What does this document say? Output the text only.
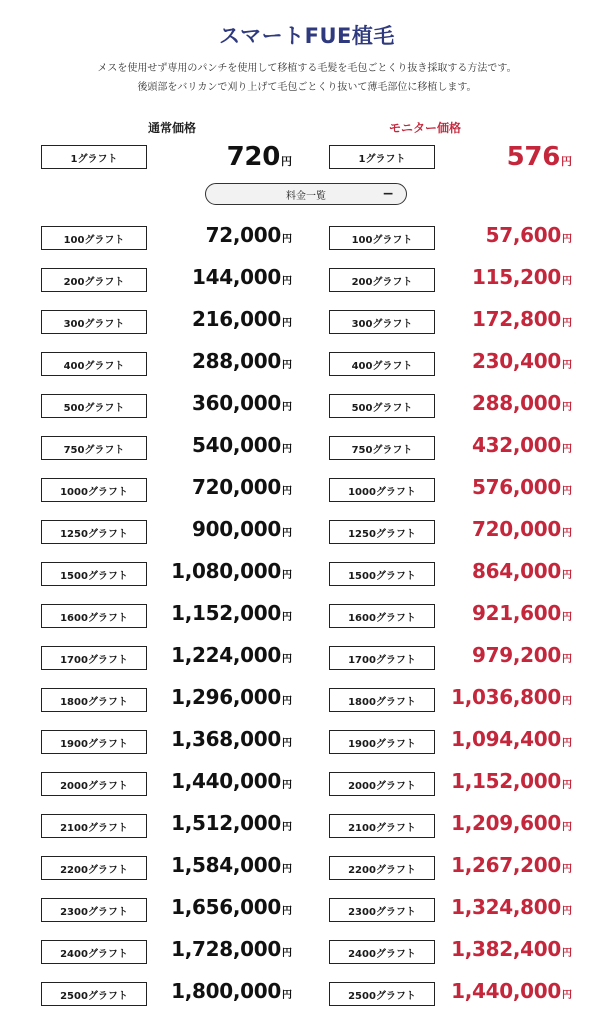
スマートFUE植毛
メスを使用せず専用のパンチを使用して移植する毛髪を毛包ごとくり抜き採取する方法です。
後頭部をバリカンで刈り上げて毛包ごとくり抜いて薄毛部位に移植します。
通常価格	モニター価格
1グラフト	720 円	1グラフト	576 円
料金一覧	−
100グラフト	72,000 円	100グラフト	57,600 円
200グラフト	144,000 円	200グラフト	115,200 円
300グラフト	216,000 円	300グラフト	172,800 円
400グラフト	288,000 円	400グラフト	230,400 円
500グラフト	360,000 円	500グラフト	288,000 円
750グラフト	540,000 円	750グラフト	432,000 円
1000グラフト	720,000 円	1000グラフト	576,000 円
1250グラフト	900,000 円	1250グラフト	720,000 円
1500グラフト	1,080,000 円	1500グラフト	864,000 円
1600グラフト	1,152,000 円	1600グラフト	921,600 円
1700グラフト	1,224,000 円	1700グラフト	979,200 円
1800グラフト	1,296,000 円	1800グラフト	1,036,800 円
1900グラフト	1,368,000 円	1900グラフト	1,094,400 円
2000グラフト	1,440,000 円	2000グラフト	1,152,000 円
2100グラフト	1,512,000 円	2100グラフト	1,209,600 円
2200グラフト	1,584,000 円	2200グラフト	1,267,200 円
2300グラフト	1,656,000 円	2300グラフト	1,324,800 円
2400グラフト	1,728,000 円	2400グラフト	1,382,400 円
2500グラフト	1,800,000 円	2500グラフト	1,440,000 円
